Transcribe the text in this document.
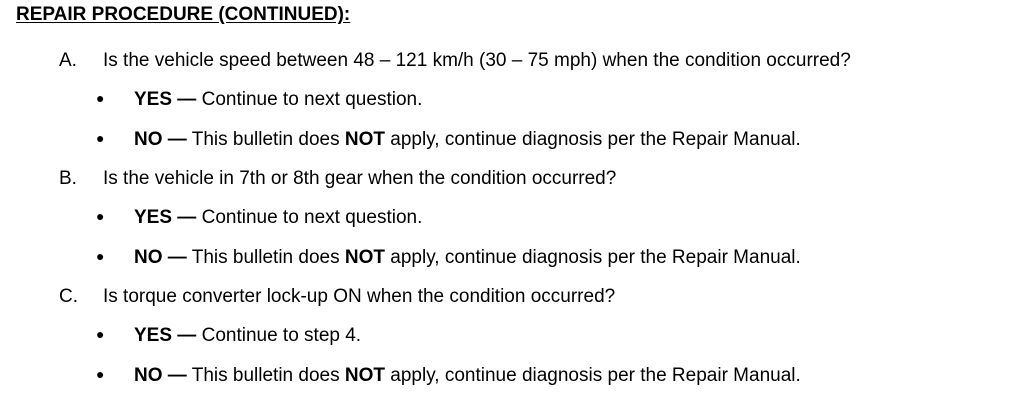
REPAIR PROCEDURE (CONTINUED):
A. Is the vehicle speed between 48 – 121 km/h (30 – 75 mph) when the condition occurred?
● YES — Continue to next question.
● NO — This bulletin does NOT apply, continue diagnosis per the Repair Manual.
B. Is the vehicle in 7th or 8th gear when the condition occurred?
● YES — Continue to next question.
● NO — This bulletin does NOT apply, continue diagnosis per the Repair Manual.
C. Is torque converter lock-up ON when the condition occurred?
● YES — Continue to step 4.
● NO — This bulletin does NOT apply, continue diagnosis per the Repair Manual.
